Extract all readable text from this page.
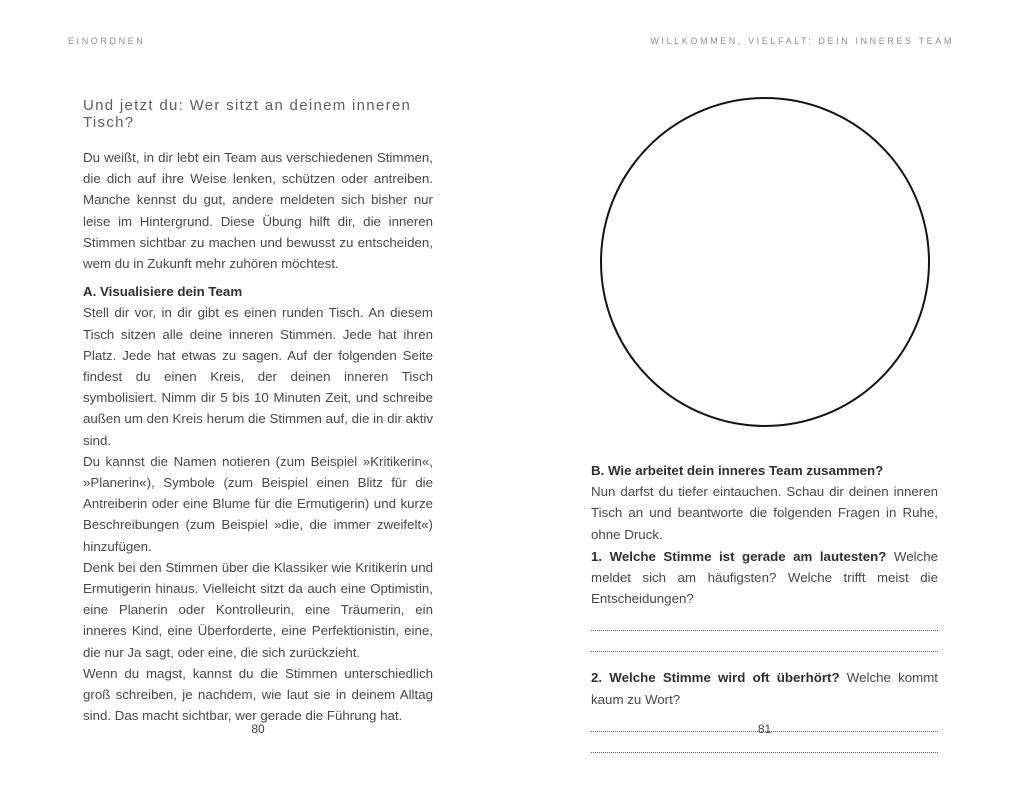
EINORDNEN
Und jetzt du: Wer sitzt an deinem inneren Tisch?

Du weißt, in dir lebt ein Team aus verschiedenen Stimmen, die dich auf ihre Weise lenken, schützen oder antreiben. Manche kennst du gut, andere meldeten sich bisher nur leise im Hintergrund. Diese Übung hilft dir, die inneren Stimmen sichtbar zu machen und bewusst zu entscheiden, wem du in Zukunft mehr zuhören möchtest.

A. Visualisiere dein Team

Stell dir vor, in dir gibt es einen runden Tisch. An diesem Tisch sitzen alle deine inneren Stimmen. Jede hat ihren Platz. Jede hat etwas zu sagen. Auf der folgenden Seite findest du einen Kreis, der deinen inneren Tisch symbolisiert. Nimm dir 5 bis 10 Minuten Zeit, und schreibe außen um den Kreis herum die Stimmen auf, die in dir aktiv sind.

Du kannst die Namen notieren (zum Beispiel »Kritikerin«, »Planerin«), Symbole (zum Beispiel einen Blitz für die Antreiberin oder eine Blume für die Ermutigerin) und kurze Beschreibungen (zum Beispiel »die, die immer zweifelt«) hinzufügen.

Denk bei den Stimmen über die Klassiker wie Kritikerin und Ermutigerin hinaus. Vielleicht sitzt da auch eine Optimistin, eine Planerin oder Kontrolleurin, eine Träumerin, ein inneres Kind, eine Überforderte, eine Perfektionistin, eine, die nur Ja sagt, oder eine, die sich zurückzieht.

Wenn du magst, kannst du die Stimmen unterschiedlich groß schreiben, je nachdem, wie laut sie in deinem Alltag sind. Das macht sichtbar, wer gerade die Führung hat.

80
WILLKOMMEN, VIELFALT: DEIN INNERES TEAM
B. Wie arbeitet dein inneres Team zusammen?

Nun darfst du tiefer eintauchen. Schau dir deinen inneren Tisch an und beantworte die folgenden Fragen in Ruhe, ohne Druck.

1. Welche Stimme ist gerade am lautesten? Welche meldet sich am häufigsten? Welche trifft meist die Entscheidungen?

2. Welche Stimme wird oft überhört? Welche kommt kaum zu Wort?

81
